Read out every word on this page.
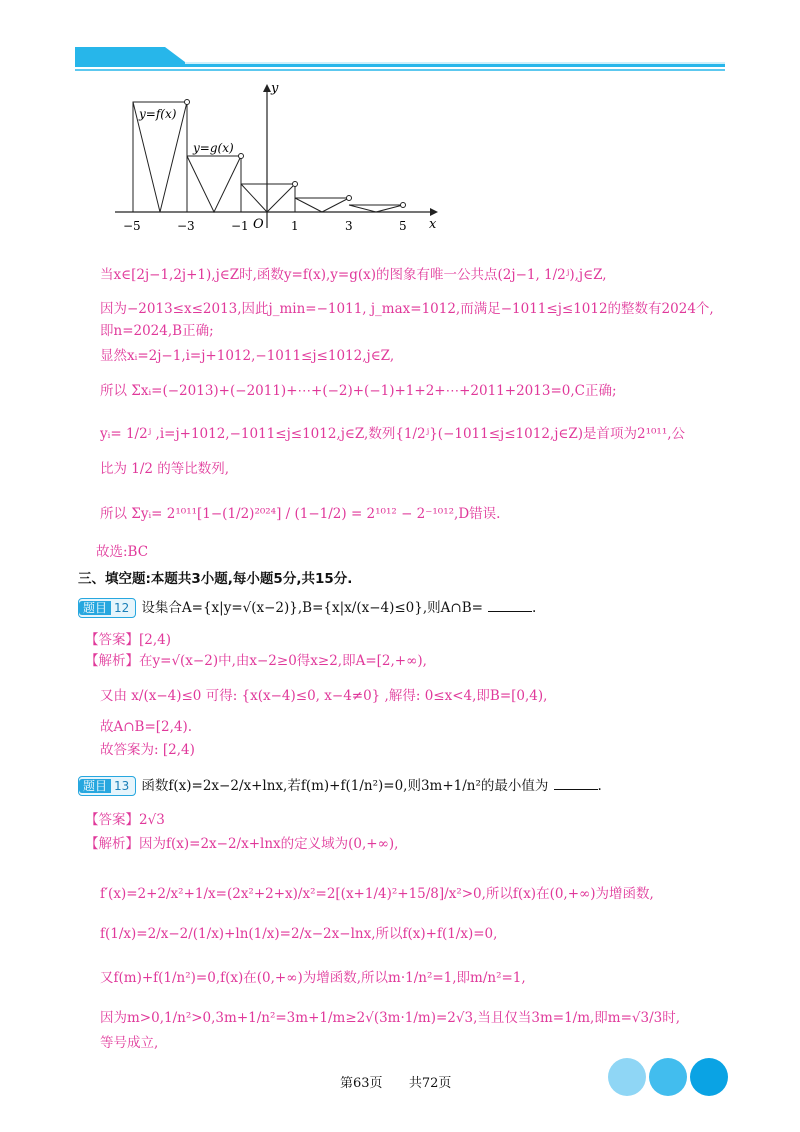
y
x
O
y=f(x)
y=g(x)
−5	−3	−1	1	3	5
当x∈[2j−1,2j+1),j∈Z时,函数y=f(x),y=g(x)的图象有唯一公共点(2j−1, 1/2ʲ),j∈Z,
因为−2013≤x≤2013,因此j_min=−1011, j_max=1012,而满足−1011≤j≤1012的整数有2024个,
即n=2024,B正确;
显然xᵢ=2j−1,i=j+1012,−1011≤j≤1012,j∈Z,
所以 Σxᵢ=(−2013)+(−2011)+⋯+(−2)+(−1)+1+2+⋯+2011+2013=0,C正确;
yᵢ= 1/2ʲ ,i=j+1012,−1011≤j≤1012,j∈Z,数列{1/2ʲ}(−1011≤j≤1012,j∈Z)是首项为2¹⁰¹¹,公
比为 1/2 的等比数列,
所以 Σyᵢ= 2¹⁰¹¹[1−(1/2)²⁰²⁴] / (1−1/2) = 2¹⁰¹² − 2⁻¹⁰¹²,D错误.
故选:BC
三、填空题:本题共3小题,每小题5分,共15分.
题目 12 设集合A={x|y=√(x−2)},B={x|x/(x−4)≤0},则A∩B=	.
【答案】[2,4)
【解析】在y=√(x−2)中,由x−2≥0得x≥2,即A=[2,+∞),
又由 x/(x−4)≤0 可得: {x(x−4)≤0, x−4≠0} ,解得: 0≤x<4,即B=[0,4),
故A∩B=[2,4).
故答案为: [2,4)
题目 13 函数f(x)=2x−2/x+lnx,若f(m)+f(1/n²)=0,则3m+1/n²的最小值为	.
【答案】2√3
【解析】因为f(x)=2x−2/x+lnx的定义域为(0,+∞),
f′(x)=2+2/x²+1/x=(2x²+2+x)/x²=2[(x+1/4)²+15/8]/x²>0,所以f(x)在(0,+∞)为增函数,
f(1/x)=2/x−2/(1/x)+ln(1/x)=2/x−2x−lnx,所以f(x)+f(1/x)=0,
又f(m)+f(1/n²)=0,f(x)在(0,+∞)为增函数,所以m·1/n²=1,即m/n²=1,
因为m>0,1/n²>0,3m+1/n²=3m+1/m≥2√(3m·1/m)=2√3,当且仅当3m=1/m,即m=√3/3时,
等号成立,
第63页 共72页
